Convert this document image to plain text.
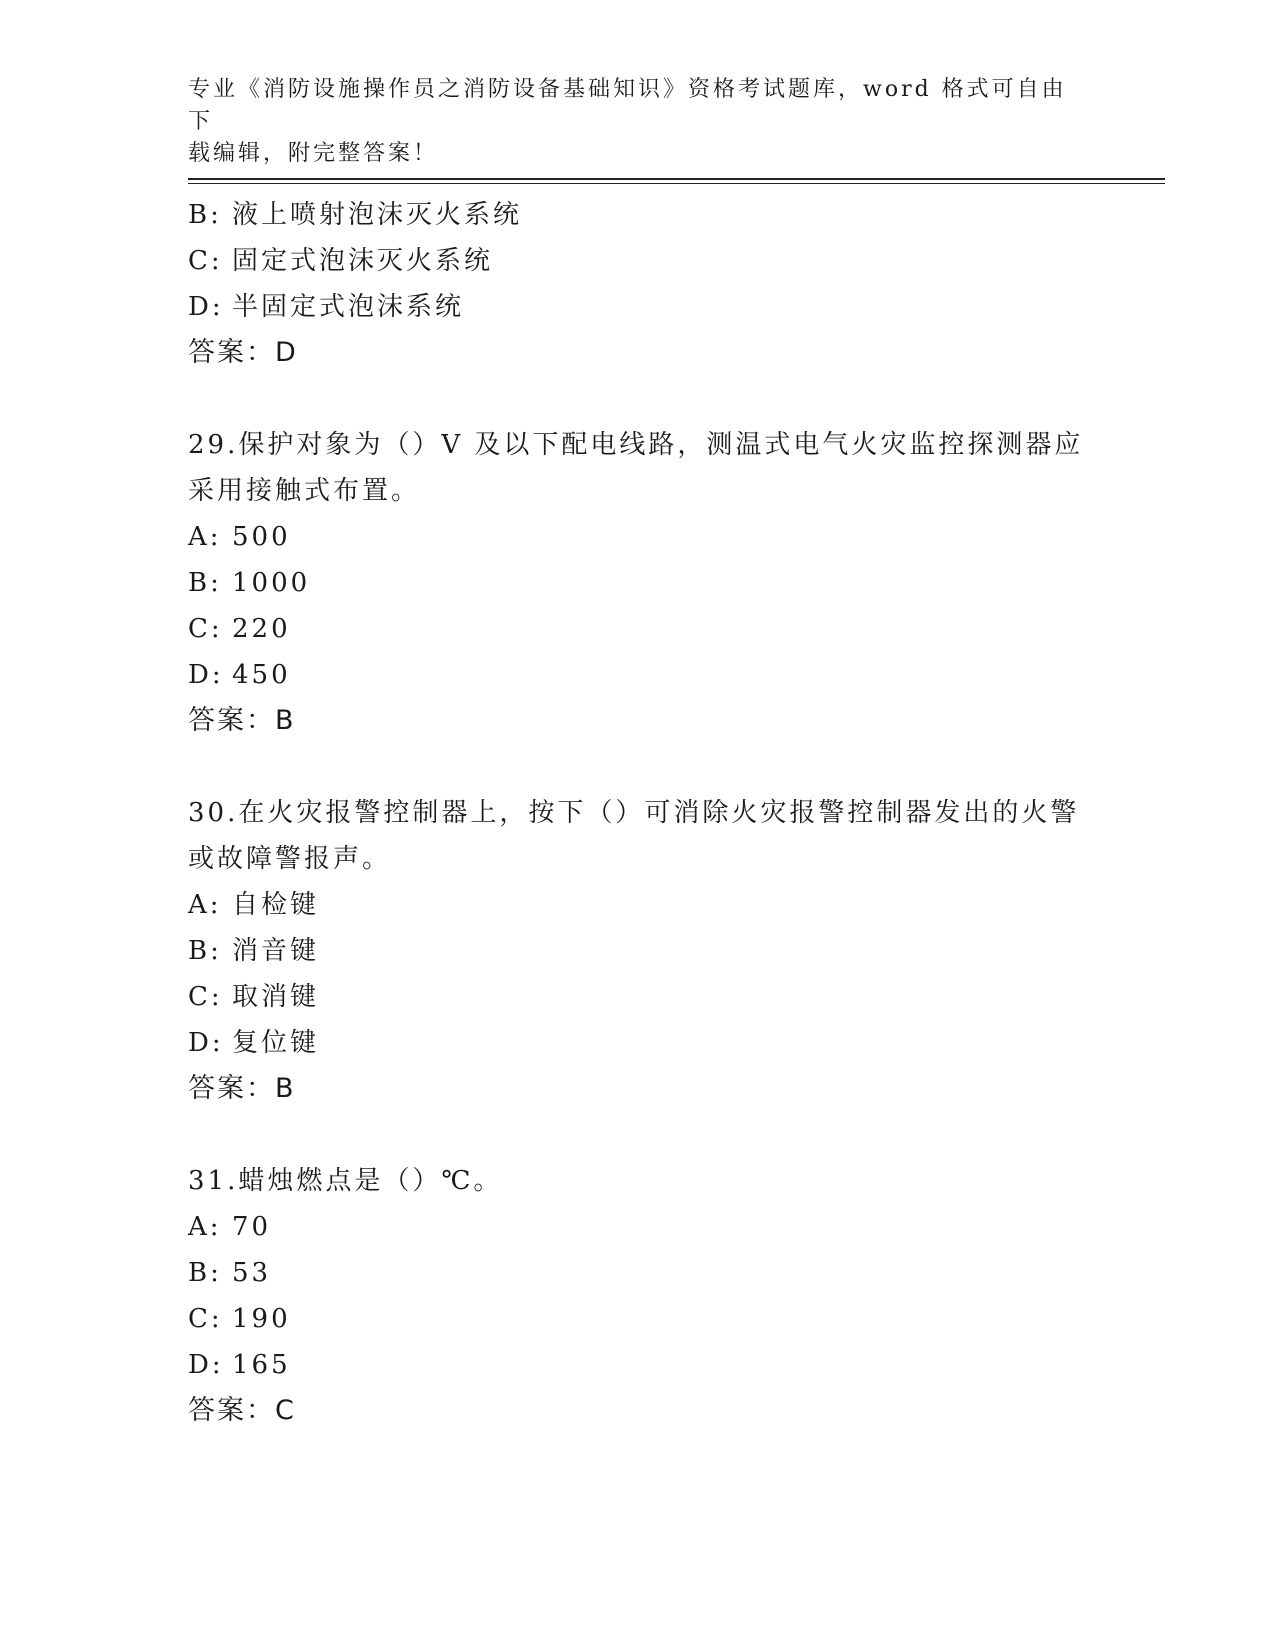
专业《消防设施操作员之消防设备基础知识》资格考试题库，word 格式可自由下
载编辑，附完整答案！
B: 液上喷射泡沫灭火系统
C: 固定式泡沫灭火系统
D: 半固定式泡沫系统
答案：D
29.保护对象为（）V 及以下配电线路，测温式电气火灾监控探测器应
采用接触式布置。
A: 500
B: 1000
C: 220
D: 450
答案：B
30.在火灾报警控制器上，按下（）可消除火灾报警控制器发出的火警
或故障警报声。
A: 自检键
B: 消音键
C: 取消键
D: 复位键
答案：B
31.蜡烛燃点是（）℃。
A: 70
B: 53
C: 190
D: 165
答案：C
